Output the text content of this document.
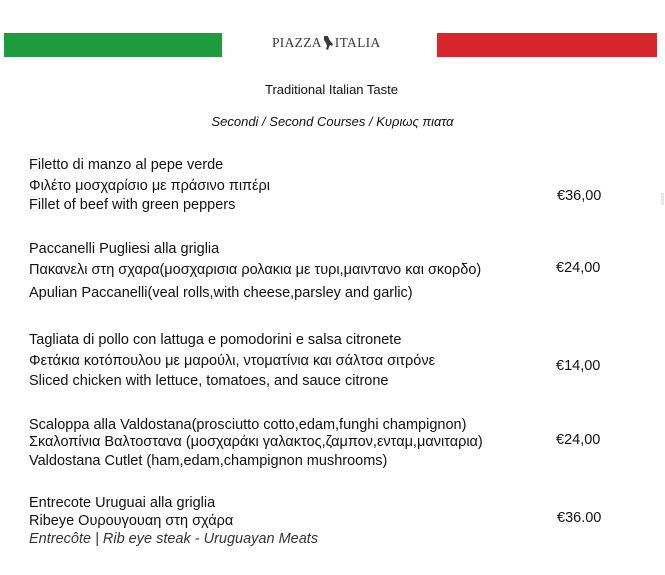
PIAZZA ITALIA
Traditional Italian Taste
Secondi / Second Courses / Κυριως πιατα
Filetto di manzo al pepe verde
Φιλέτο μοσχαρίσιο με πράσινο πιπέρι
Fillet of beef with green peppers
€36,00
Paccanelli Pugliesi alla griglia
Πακανελι στη σχαρα(μοσχαρισια ρολακια με τυρι,μαινтανο και σκορδο)
Apulian Paccanelli(veal rolls,with cheese,parsley and garlic)
€24,00
Tagliata di pollo con lattuga e pomodorini e salsa citronete
Φετάκια κοτόπουλου με μαρούλι, ντοματίνια και σάλτσα σιτρόνε
Sliced chicken with lettuce, tomatoes, and sauce citrone
€14,00
Scaloppa alla Valdostana(prosciutto cotto,edam,funghi champignon)
Σκαλοπίνια Βαλτοσταvα (μοσχαράκι γαλακτος,ζαμπον,ενταμ,μανιταρια)
Valdostana Cutlet (ham,edam,champignon mushrooms)
€24,00
Entrecote Uruguai alla griglia
Ribeye Ουρουγουαη στη σχάρα
Entrecôte | Rib eye steak - Uruguayan Meats
€36.00
